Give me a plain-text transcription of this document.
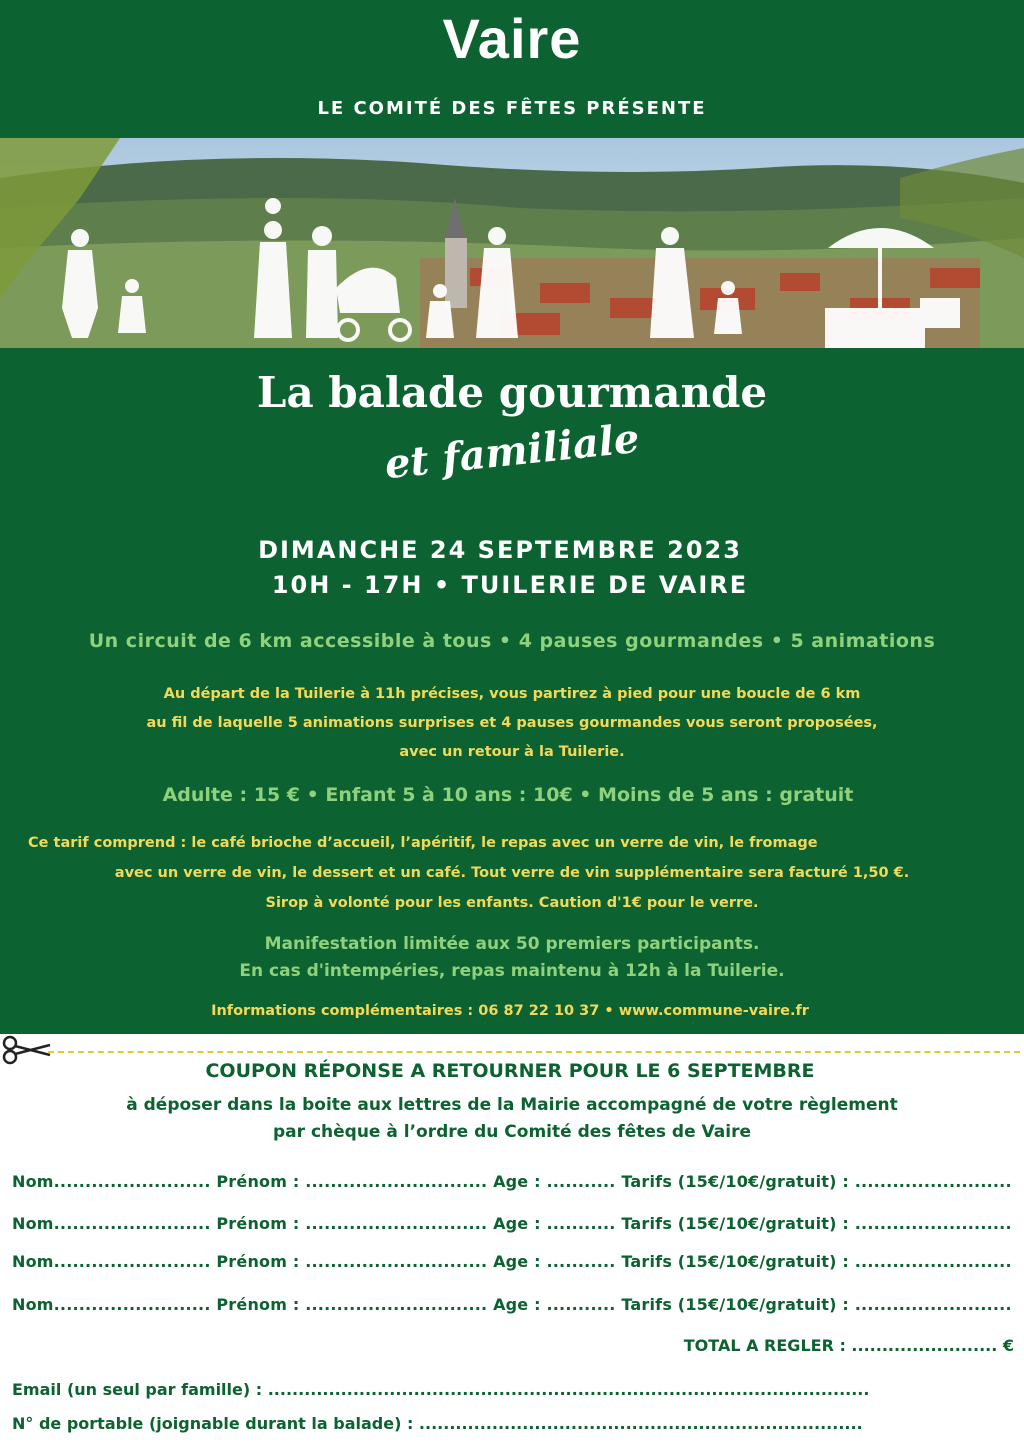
Vaire
LE COMITÉ DES FÊTES PRÉSENTE
La balade gourmande
et familiale
DIMANCHE 24 SEPTEMBRE 2023
10H - 17H • TUILERIE DE VAIRE
Un circuit de 6 km accessible à tous • 4 pauses gourmandes • 5 animations
Au départ de la Tuilerie à 11h précises, vous partirez à pied pour une boucle de 6 km
au fil de laquelle 5 animations surprises et 4 pauses gourmandes vous seront proposées,
avec un retour à la Tuilerie.
Adulte : 15 € • Enfant 5 à 10 ans : 10€ • Moins de 5 ans : gratuit
Ce tarif comprend : le café brioche d’accueil, l’apéritif, le repas avec un verre de vin, le fromage
avec un verre de vin, le dessert et un café. Tout verre de vin supplémentaire sera facturé 1,50 €.
Sirop à volonté pour les enfants. Caution d'1€ pour le verre.
Manifestation limitée aux 50 premiers participants.
En cas d'intempéries, repas maintenu à 12h à la Tuilerie.
Informations complémentaires : 06 87 22 10 37 • www.commune-vaire.fr
COUPON RÉPONSE A RETOURNER POUR LE 6 SEPTEMBRE
à déposer dans la boite aux lettres de la Mairie accompagné de votre règlement
par chèque à l’ordre du Comité des fêtes de Vaire
Nom......................... Prénom : ............................. Age : ........... Tarifs (15€/10€/gratuit) : .........................
Nom......................... Prénom : ............................. Age : ........... Tarifs (15€/10€/gratuit) : .........................
Nom......................... Prénom : ............................. Age : ........... Tarifs (15€/10€/gratuit) : .........................
Nom......................... Prénom : ............................. Age : ........... Tarifs (15€/10€/gratuit) : .........................
TOTAL A REGLER : ........................ €
Email (un seul par famille) : ...................................................................................................
N° de portable (joignable durant la balade) : .........................................................................
